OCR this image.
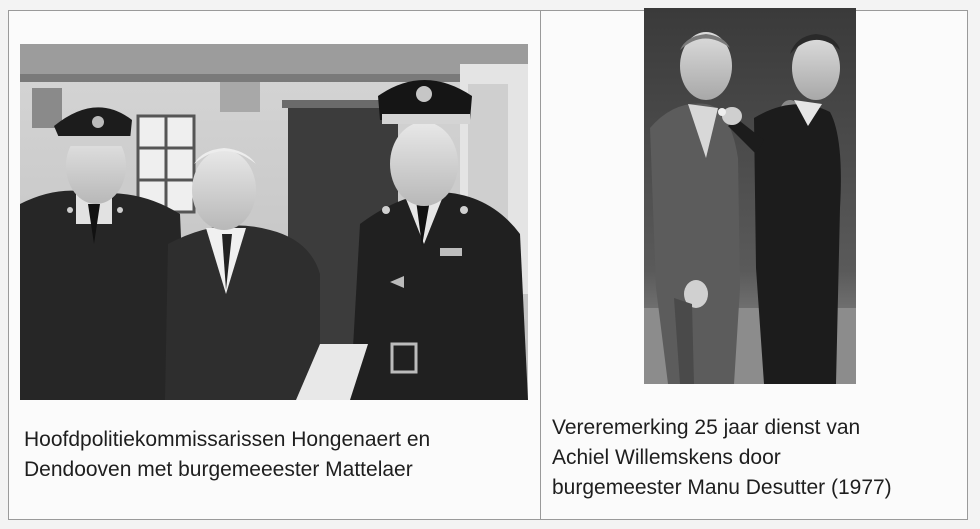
Hoofdpolitiekommissarissen Hongenaert en
Dendooven met burgemeeester Mattelaer
Vereremerking 25 jaar dienst van
Achiel Willemskens door
burgemeester Manu Desutter (1977)
